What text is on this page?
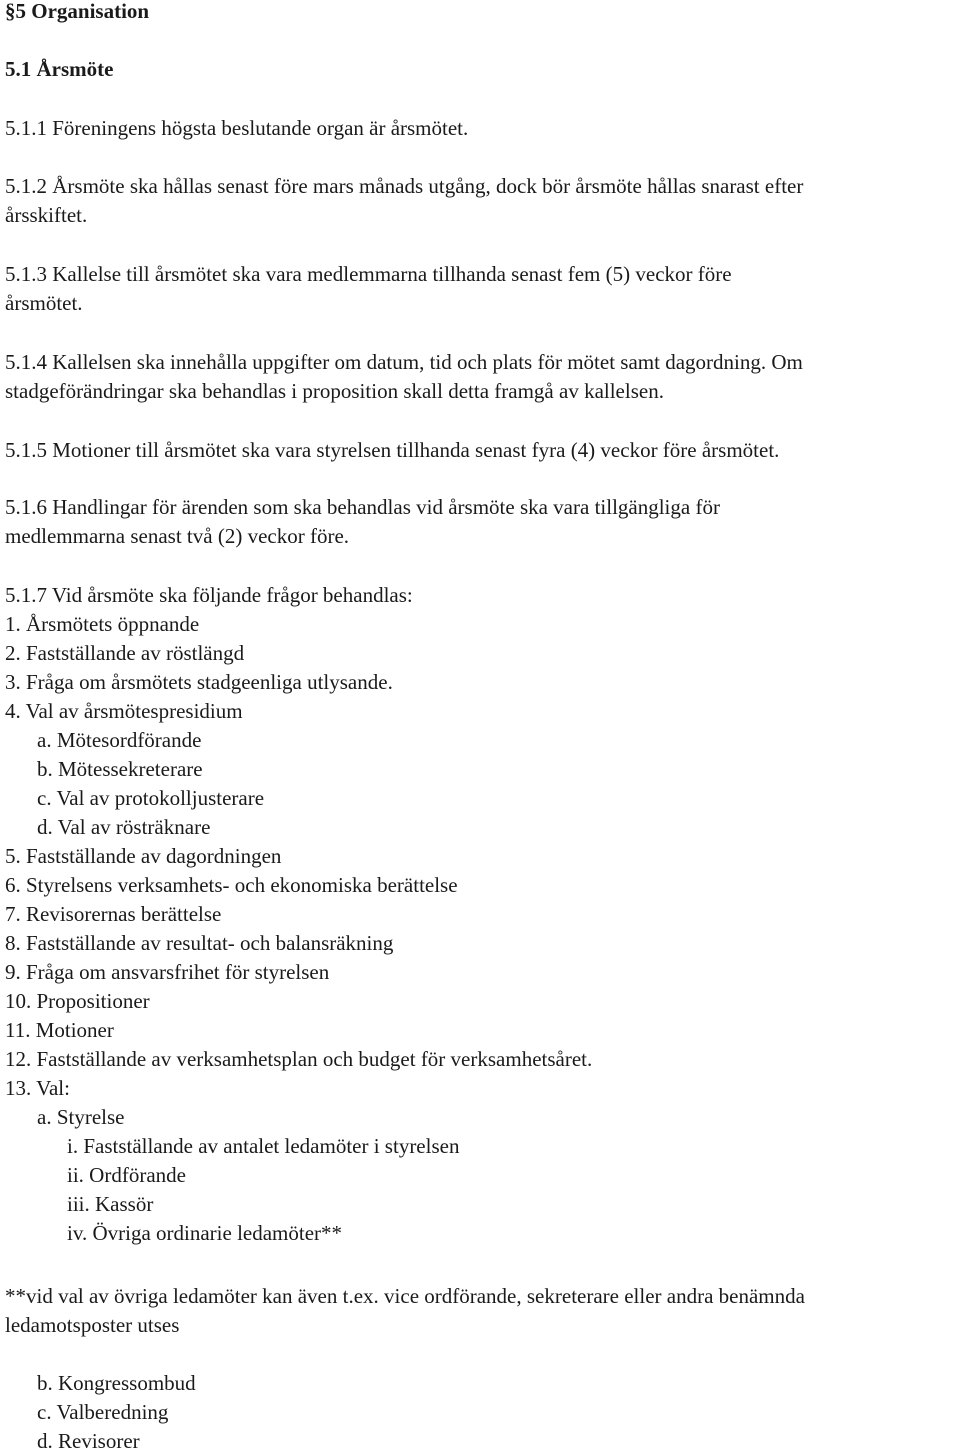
§5 Organisation
5.1 Årsmöte
5.1.1 Föreningens högsta beslutande organ är årsmötet.
5.1.2 Årsmöte ska hållas senast före mars månads utgång, dock bör årsmöte hållas snarast efter
årsskiftet.
5.1.3 Kallelse till årsmötet ska vara medlemmarna tillhanda senast fem (5) veckor före
årsmötet.
5.1.4 Kallelsen ska innehålla uppgifter om datum, tid och plats för mötet samt dagordning. Om
stadgeförändringar ska behandlas i proposition skall detta framgå av kallelsen.
5.1.5 Motioner till årsmötet ska vara styrelsen tillhanda senast fyra (4) veckor före årsmötet.
5.1.6 Handlingar för ärenden som ska behandlas vid årsmöte ska vara tillgängliga för
medlemmarna senast två (2) veckor före.
5.1.7 Vid årsmöte ska följande frågor behandlas:
1. Årsmötets öppnande
2. Fastställande av röstlängd
3. Fråga om årsmötets stadgeenliga utlysande.
4. Val av årsmötespresidium
a. Mötesordförande
b. Mötessekreterare
c. Val av protokolljusterare
d. Val av rösträknare
5. Fastställande av dagordningen
6. Styrelsens verksamhets- och ekonomiska berättelse
7. Revisorernas berättelse
8. Fastställande av resultat- och balansräkning
9. Fråga om ansvarsfrihet för styrelsen
10. Propositioner
11. Motioner
12. Fastställande av verksamhetsplan och budget för verksamhetsåret.
13. Val:
a. Styrelse
i. Fastställande av antalet ledamöter i styrelsen
ii. Ordförande
iii. Kassör
iv. Övriga ordinarie ledamöter**
**vid val av övriga ledamöter kan även t.ex. vice ordförande, sekreterare eller andra benämnda
ledamotsposter utses
b. Kongressombud
c. Valberedning
d. Revisorer
